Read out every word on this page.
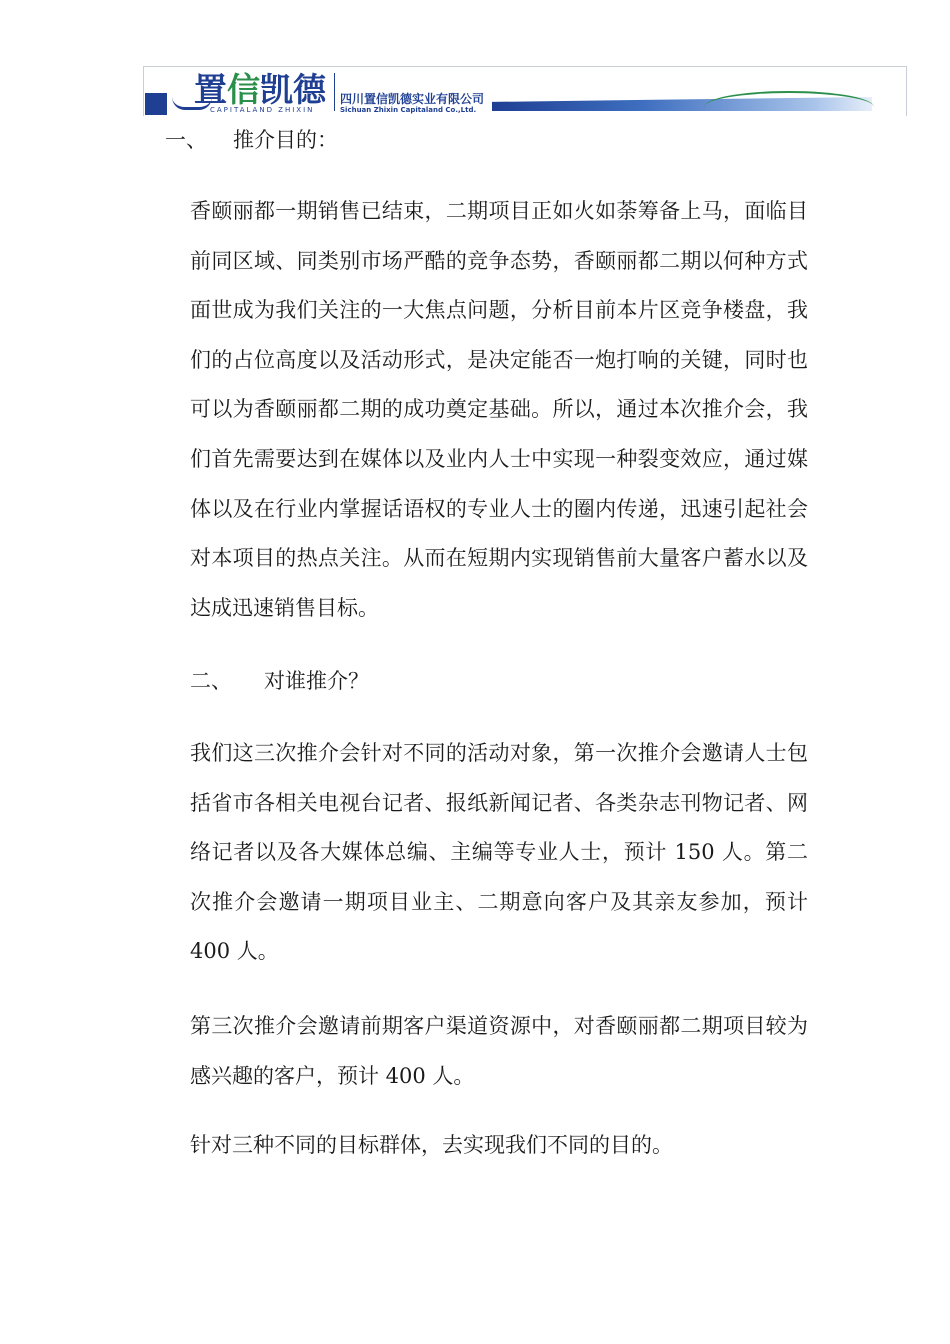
置信凯德
CAPITALAND ZHIXIN
四川置信凯德实业有限公司
Sichuan Zhixin Capitaland Co.,Ltd.
一、 推介目的：
香颐丽都一期销售已结束，二期项目正如火如荼筹备上马，面临目前同区域、同类别市场严酷的竞争态势，香颐丽都二期以何种方式面世成为我们关注的一大焦点问题，分析目前本片区竞争楼盘，我们的占位高度以及活动形式，是决定能否一炮打响的关键，同时也可以为香颐丽都二期的成功奠定基础。所以，通过本次推介会，我们首先需要达到在媒体以及业内人士中实现一种裂变效应，通过媒体以及在行业内掌握话语权的专业人士的圈内传递，迅速引起社会对本项目的热点关注。从而在短期内实现销售前大量客户蓄水以及达成迅速销售目标。
二、 对谁推介？
我们这三次推介会针对不同的活动对象，第一次推介会邀请人士包括省市各相关电视台记者、报纸新闻记者、各类杂志刊物记者、网络记者以及各大媒体总编、主编等专业人士，预计 150 人。第二次推介会邀请一期项目业主、二期意向客户及其亲友参加，预计 400 人。
第三次推介会邀请前期客户渠道资源中，对香颐丽都二期项目较为感兴趣的客户，预计 400 人。
针对三种不同的目标群体，去实现我们不同的目的。
